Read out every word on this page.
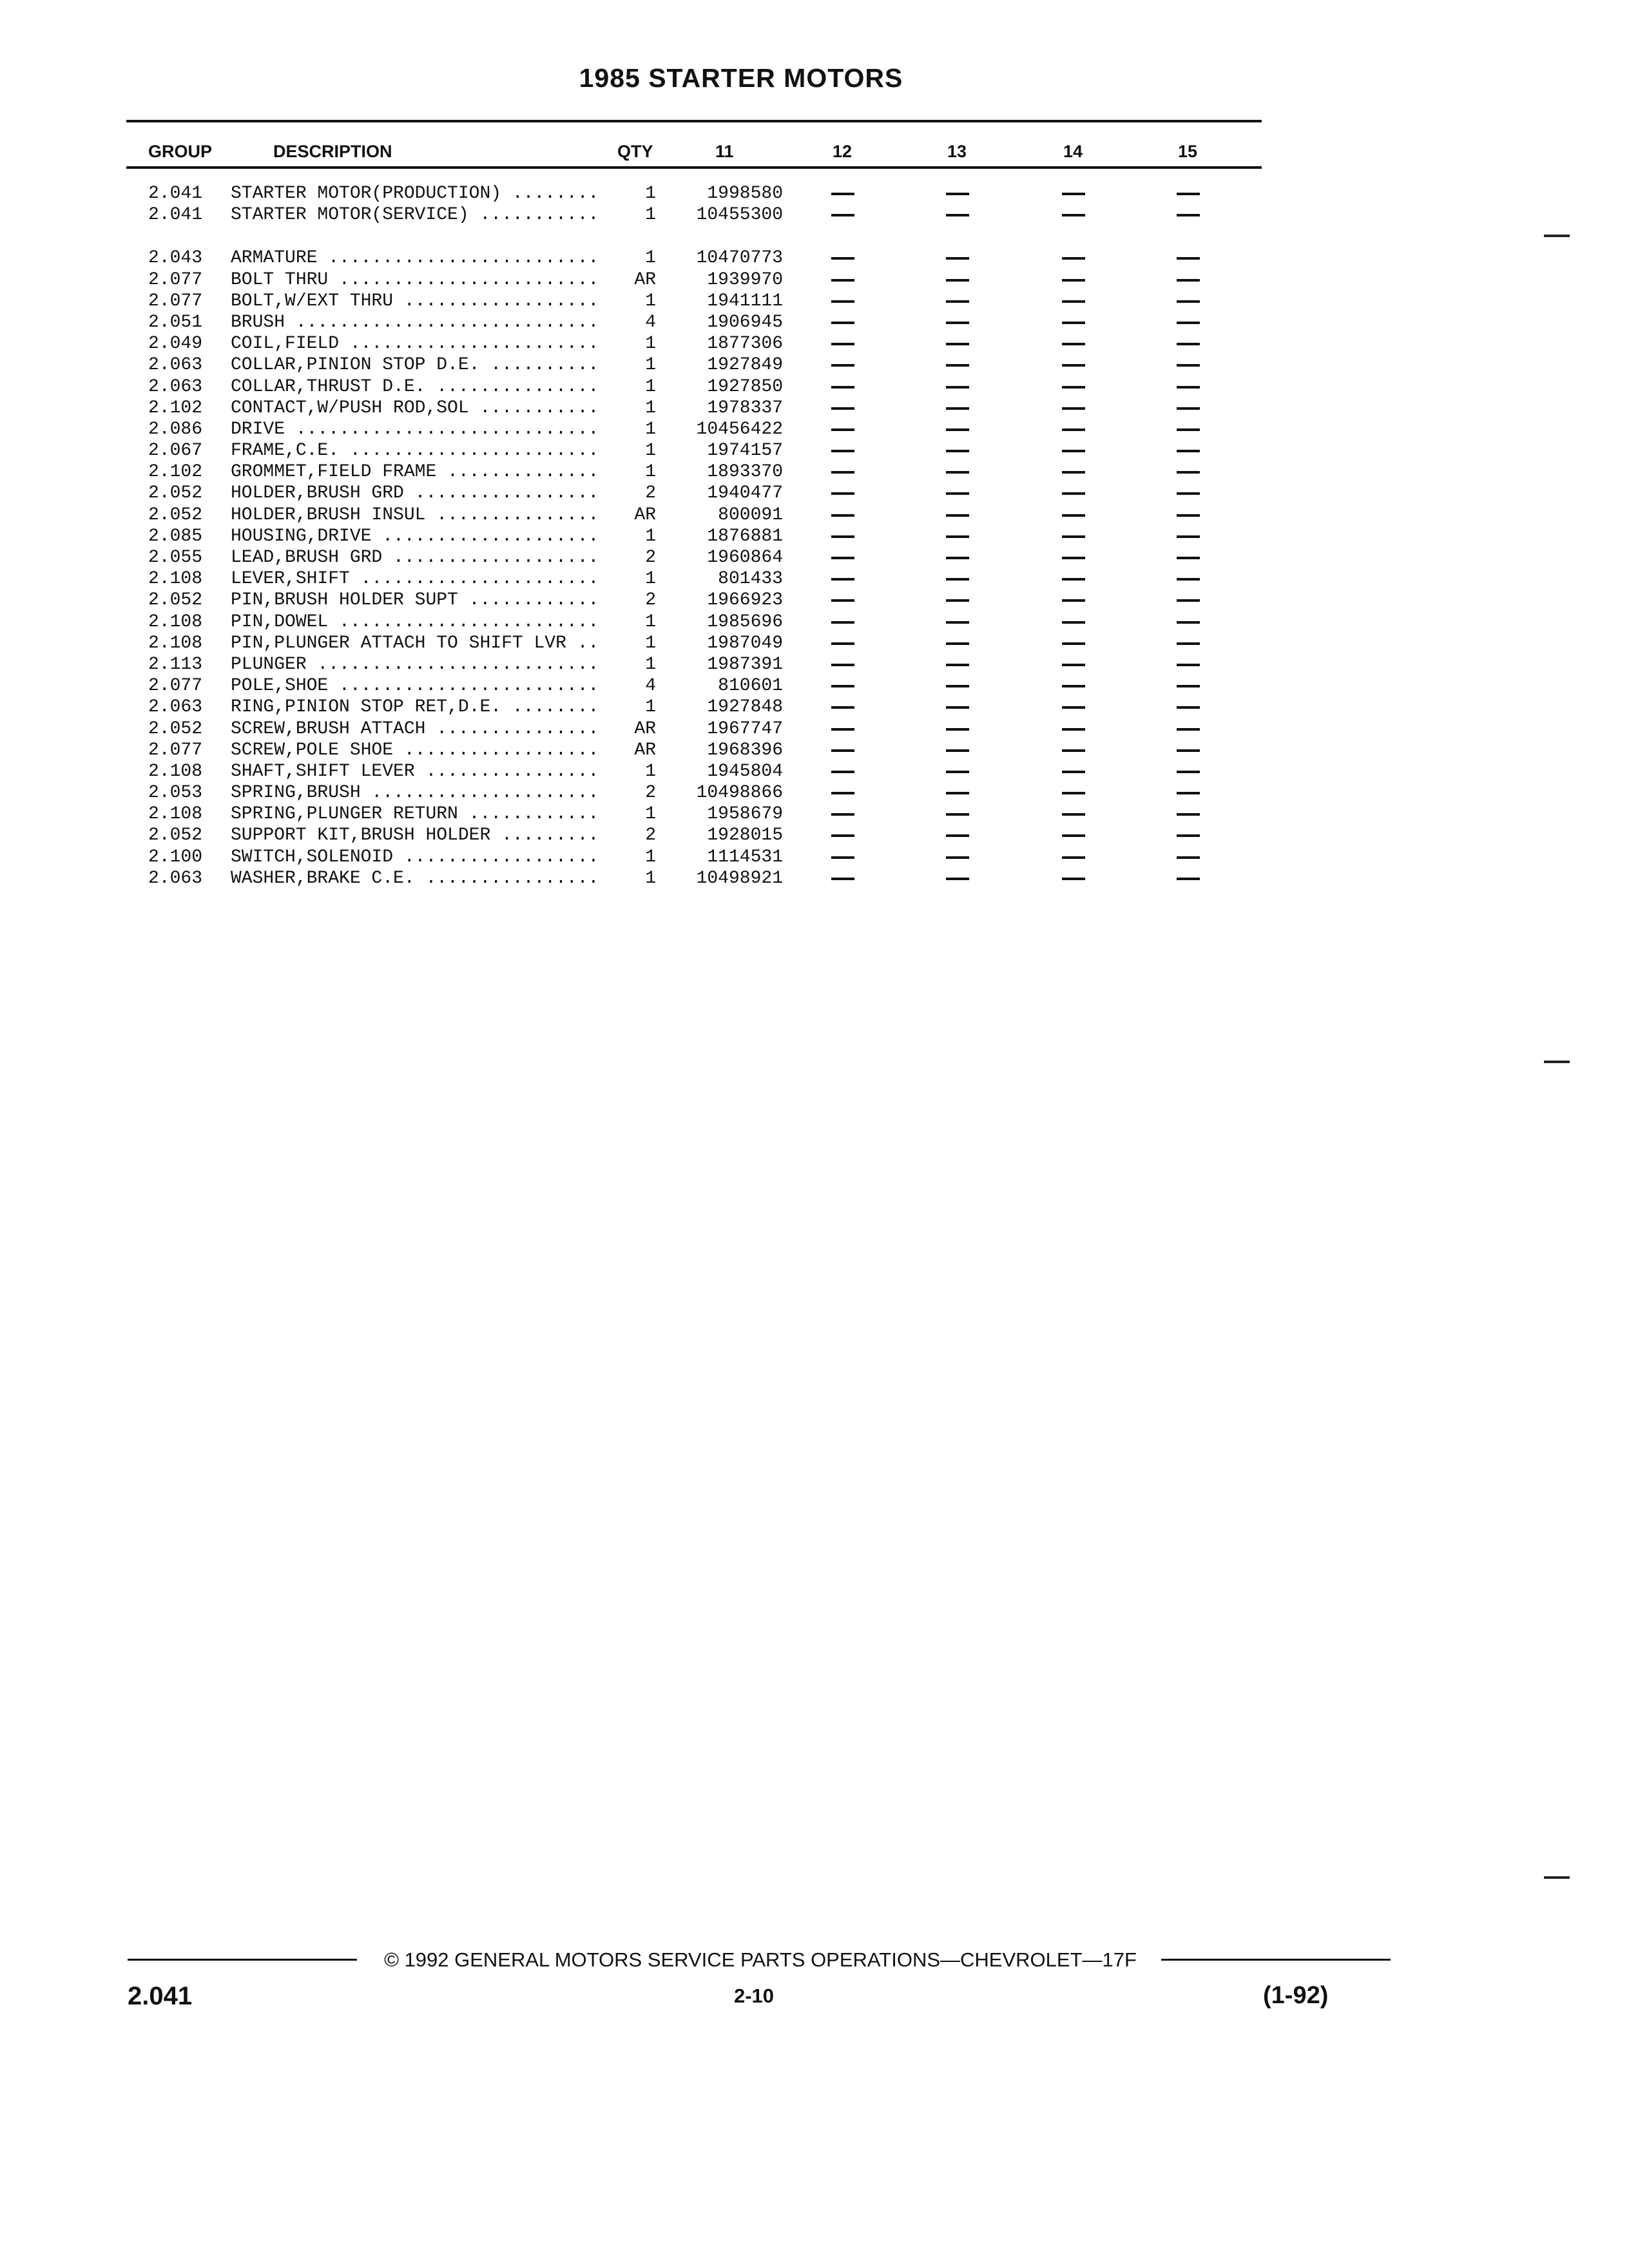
1985 STARTER MOTORS
GROUP	DESCRIPTION	QTY	11	12	13	14	15
2.041 STARTER MOTOR(PRODUCTION) ........	1	1998580
2.041 STARTER MOTOR(SERVICE) ...........	1	10455300
2.043 ARMATURE .........................	1	10470773
2.077 BOLT THRU ........................	AR	1939970
2.077 BOLT,W/EXT THRU ..................	1	1941111
2.051 BRUSH ............................	4	1906945
2.049 COIL,FIELD .......................	1	1877306
2.063 COLLAR,PINION STOP D.E. ..........	1	1927849
2.063 COLLAR,THRUST D.E. ...............	1	1927850
2.102 CONTACT,W/PUSH ROD,SOL ...........	1	1978337
2.086 DRIVE ............................	1	10456422
2.067 FRAME,C.E. .......................	1	1974157
2.102 GROMMET,FIELD FRAME ..............	1	1893370
2.052 HOLDER,BRUSH GRD .................	2	1940477
2.052 HOLDER,BRUSH INSUL ...............	AR	800091
2.085 HOUSING,DRIVE ....................	1	1876881
2.055 LEAD,BRUSH GRD ...................	2	1960864
2.108 LEVER,SHIFT ......................	1	801433
2.052 PIN,BRUSH HOLDER SUPT ............	2	1966923
2.108 PIN,DOWEL ........................	1	1985696
2.108 PIN,PLUNGER ATTACH TO SHIFT LVR ..	1	1987049
2.113 PLUNGER ..........................	1	1987391
2.077 POLE,SHOE ........................	4	810601
2.063 RING,PINION STOP RET,D.E. ........	1	1927848
2.052 SCREW,BRUSH ATTACH ...............	AR	1967747
2.077 SCREW,POLE SHOE ..................	AR	1968396
2.108 SHAFT,SHIFT LEVER ................	1	1945804
2.053 SPRING,BRUSH .....................	2	10498866
2.108 SPRING,PLUNGER RETURN ............	1	1958679
2.052 SUPPORT KIT,BRUSH HOLDER .........	2	1928015
2.100 SWITCH,SOLENOID ..................	1	1114531
2.063 WASHER,BRAKE C.E. ................	1	10498921
© 1992 GENERAL MOTORS SERVICE PARTS OPERATIONS—CHEVROLET—17F
2.041	2-10	(1-92)
